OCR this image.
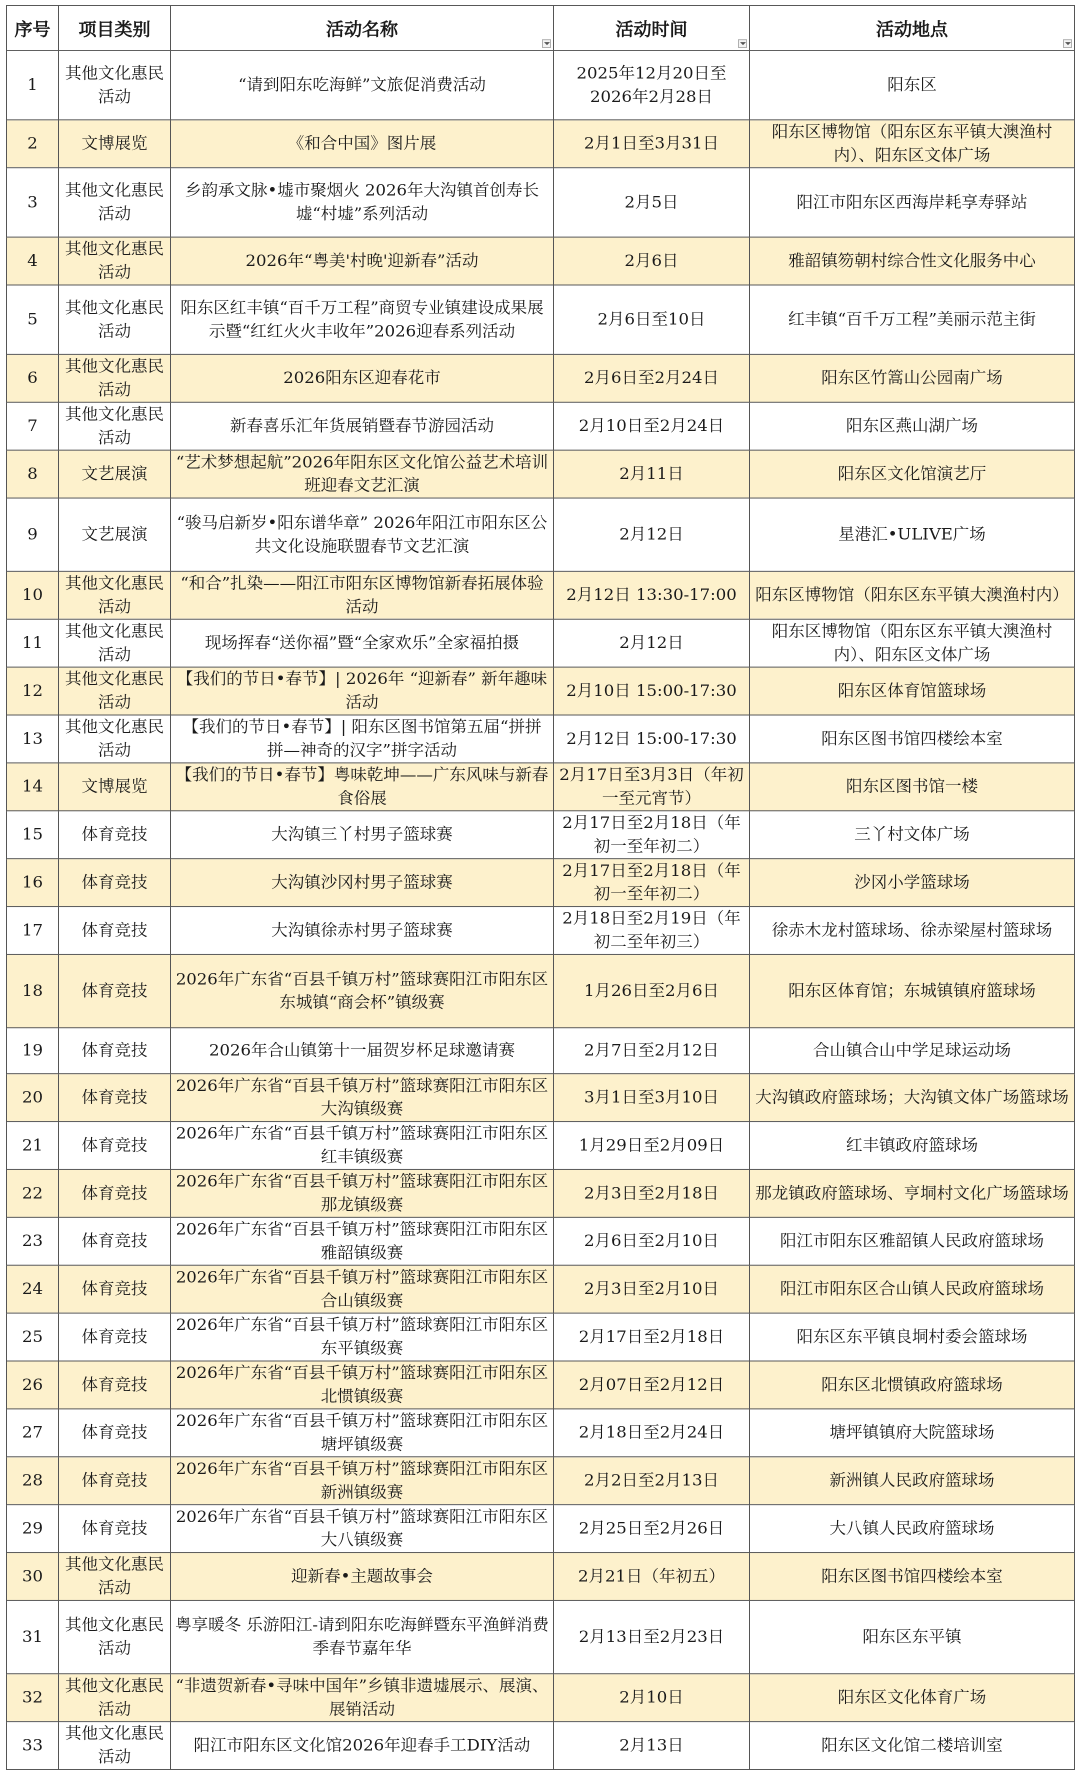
序号	项目类别	活动名称	活动时间	活动地点

1	其他文化惠民活动	“请到阳东吃海鲜”文旅促消费活动	2025年12月20日至2026年2月28日	阳东区
2	文博展览	《和合中国》图片展	2月1日至3月31日	阳东区博物馆（阳东区东平镇大澳渔村内）、阳东区文体广场
3	其他文化惠民活动	乡韵承文脉•墟市聚烟火 2026年大沟镇首创寿长墟“村墟”系列活动	2月5日	阳江市阳东区西海岸耗享寿驿站
4	其他文化惠民活动	2026年“粤美'村晚'迎新春”活动	2月6日	雅韶镇笏朝村综合性文化服务中心
5	其他文化惠民活动	阳东区红丰镇“百千万工程”商贸专业镇建设成果展示暨“红红火火丰收年”2026迎春系列活动	2月6日至10日	红丰镇“百千万工程”美丽示范主街
6	其他文化惠民活动	2026阳东区迎春花市	2月6日至2月24日	阳东区竹篙山公园南广场
7	其他文化惠民活动	新春喜乐汇年货展销暨春节游园活动	2月10日至2月24日	阳东区燕山湖广场
8	文艺展演	“艺术梦想起航”2026年阳东区文化馆公益艺术培训班迎春文艺汇演	2月11日	阳东区文化馆演艺厅
9	文艺展演	“骏马启新岁•阳东谱华章” 2026年阳江市阳东区公共文化设施联盟春节文艺汇演	2月12日	星港汇•ULIVE广场
10	其他文化惠民活动	“和合”扎染——阳江市阳东区博物馆新春拓展体验活动	2月12日 13:30-17:00	阳东区博物馆（阳东区东平镇大澳渔村内）
11	其他文化惠民活动	现场挥春“送你福”暨“全家欢乐”全家福拍摄	2月12日	阳东区博物馆（阳东区东平镇大澳渔村内）、阳东区文体广场
12	其他文化惠民活动	【我们的节日•春节】| 2026年 “迎新春” 新年趣味活动	2月10日 15:00-17:30	阳东区体育馆篮球场
13	其他文化惠民活动	【我们的节日•春节】| 阳东区图书馆第五届“拼拼拼—神奇的汉字”拼字活动	2月12日 15:00-17:30	阳东区图书馆四楼绘本室
14	文博展览	【我们的节日•春节】粤味乾坤——广东风味与新春食俗展	2月17日至3月3日（年初一至元宵节）	阳东区图书馆一楼
15	体育竞技	大沟镇三丫村男子篮球赛	2月17日至2月18日（年初一至年初二）	三丫村文体广场
16	体育竞技	大沟镇沙冈村男子篮球赛	2月17日至2月18日（年初一至年初二）	沙冈小学篮球场
17	体育竞技	大沟镇徐赤村男子篮球赛	2月18日至2月19日（年初二至年初三）	徐赤木龙村篮球场、徐赤梁屋村篮球场
18	体育竞技	2026年广东省“百县千镇万村”篮球赛阳江市阳东区东城镇“商会杯”镇级赛	1月26日至2月6日	阳东区体育馆；东城镇镇府篮球场
19	体育竞技	2026年合山镇第十一届贺岁杯足球邀请赛	2月7日至2月12日	合山镇合山中学足球运动场
20	体育竞技	2026年广东省“百县千镇万村”篮球赛阳江市阳东区大沟镇级赛	3月1日至3月10日	大沟镇政府篮球场；大沟镇文体广场篮球场
21	体育竞技	2026年广东省“百县千镇万村”篮球赛阳江市阳东区红丰镇级赛	1月29日至2月09日	红丰镇政府篮球场
22	体育竞技	2026年广东省“百县千镇万村”篮球赛阳江市阳东区那龙镇级赛	2月3日至2月18日	那龙镇政府篮球场、亨垌村文化广场篮球场
23	体育竞技	2026年广东省“百县千镇万村”篮球赛阳江市阳东区雅韶镇级赛	2月6日至2月10日	阳江市阳东区雅韶镇人民政府篮球场
24	体育竞技	2026年广东省“百县千镇万村”篮球赛阳江市阳东区合山镇级赛	2月3日至2月10日	阳江市阳东区合山镇人民政府篮球场
25	体育竞技	2026年广东省“百县千镇万村”篮球赛阳江市阳东区东平镇级赛	2月17日至2月18日	阳东区东平镇良垌村委会篮球场
26	体育竞技	2026年广东省“百县千镇万村”篮球赛阳江市阳东区北惯镇级赛	2月07日至2月12日	阳东区北惯镇政府篮球场
27	体育竞技	2026年广东省“百县千镇万村”篮球赛阳江市阳东区塘坪镇级赛	2月18日至2月24日	塘坪镇镇府大院篮球场
28	体育竞技	2026年广东省“百县千镇万村”篮球赛阳江市阳东区新洲镇级赛	2月2日至2月13日	新洲镇人民政府篮球场
29	体育竞技	2026年广东省“百县千镇万村”篮球赛阳江市阳东区大八镇级赛	2月25日至2月26日	大八镇人民政府篮球场
30	其他文化惠民活动	迎新春•主题故事会	2月21日（年初五）	阳东区图书馆四楼绘本室
31	其他文化惠民活动	粤享暖冬 乐游阳江-请到阳东吃海鲜暨东平渔鲜消费季春节嘉年华	2月13日至2月23日	阳东区东平镇
32	其他文化惠民活动	“非遗贺新春•寻味中国年”乡镇非遗墟展示、展演、展销活动	2月10日	阳东区文化体育广场
33	其他文化惠民活动	阳江市阳东区文化馆2026年迎春手工DIY活动	2月13日	阳东区文化馆二楼培训室
